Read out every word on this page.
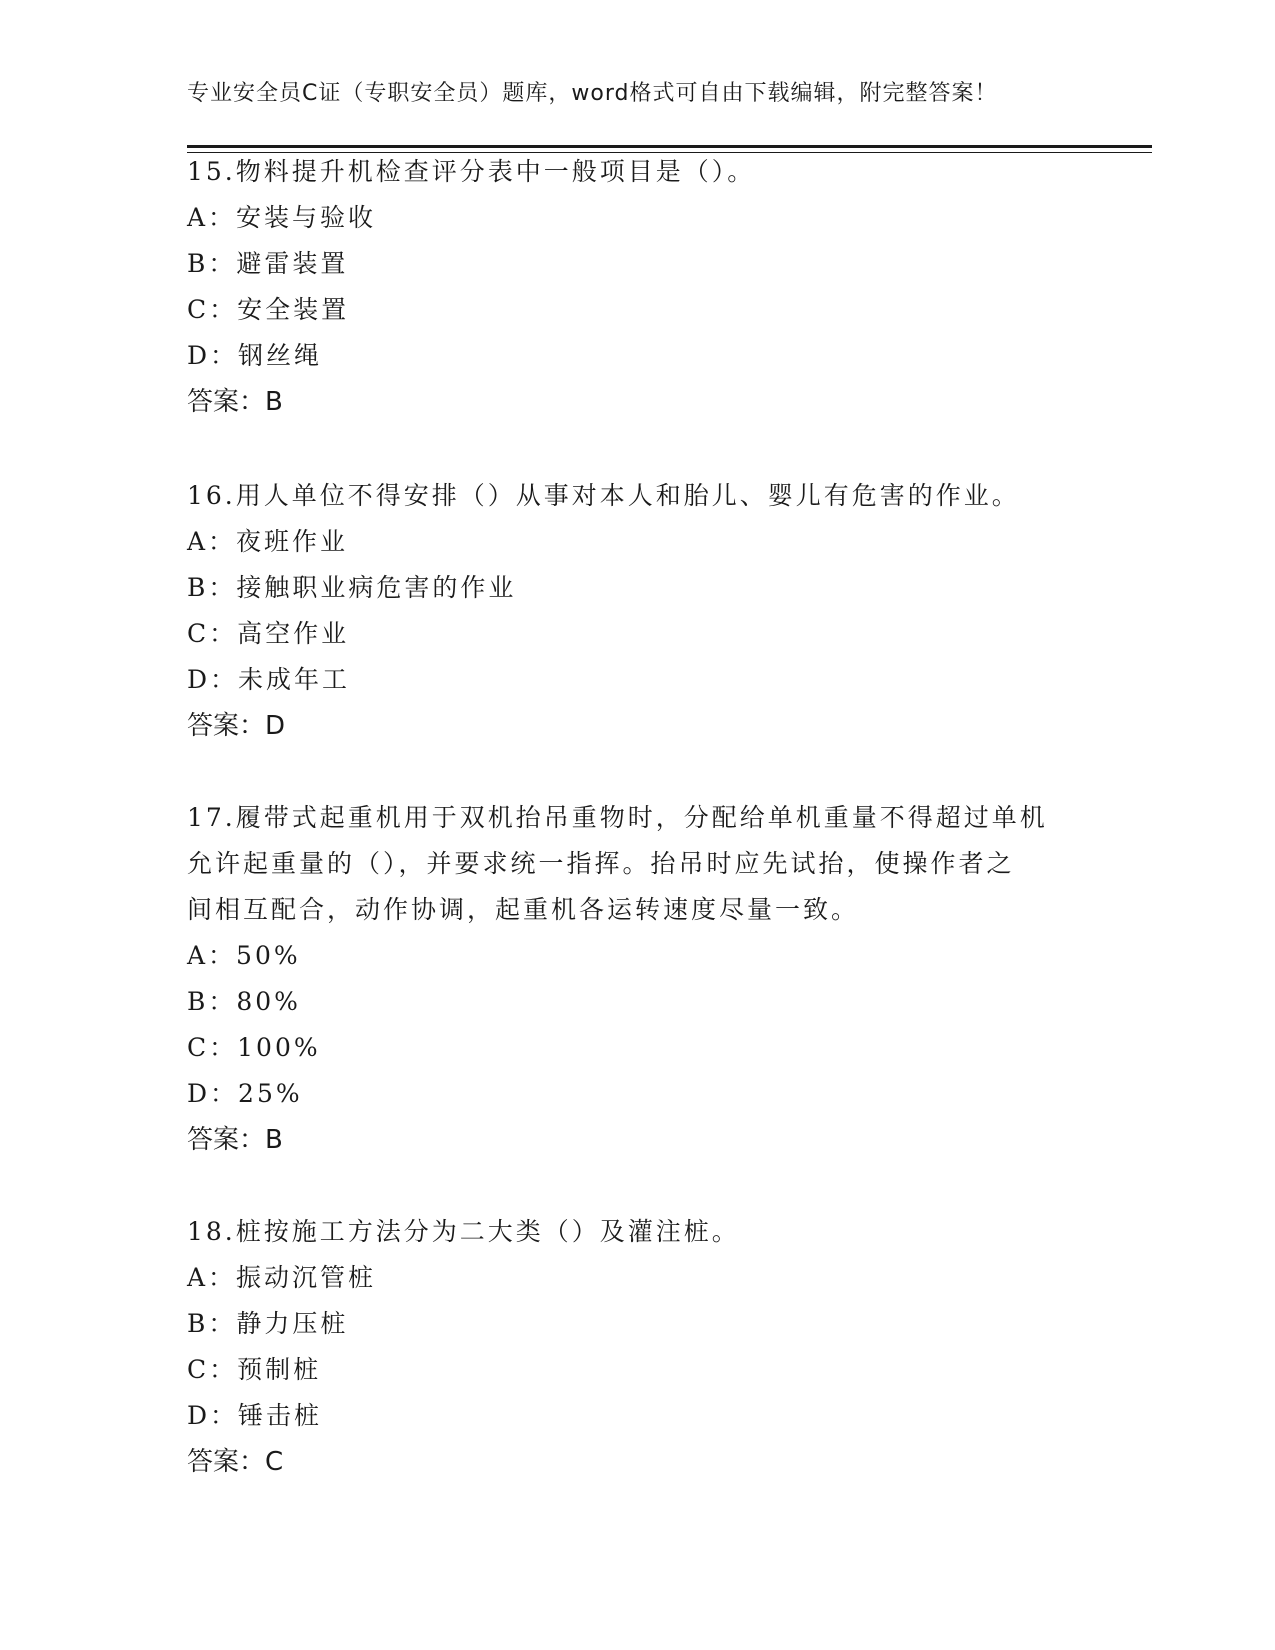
专业安全员C证（专职安全员）题库，word格式可自由下载编辑，附完整答案！
15.物料提升机检查评分表中一般项目是（）。
A：安装与验收
B：避雷装置
C：安全装置
D：钢丝绳
答案：B
16.用人单位不得安排（）从事对本人和胎儿、婴儿有危害的作业。
A：夜班作业
B：接触职业病危害的作业
C：高空作业
D：未成年工
答案：D
17.履带式起重机用于双机抬吊重物时，分配给单机重量不得超过单机
允许起重量的（），并要求统一指挥。抬吊时应先试抬，使操作者之
间相互配合，动作协调，起重机各运转速度尽量一致。
A：50%
B：80%
C：100%
D：25%
答案：B
18.桩按施工方法分为二大类（）及灌注桩。
A：振动沉管桩
B：静力压桩
C：预制桩
D：锤击桩
答案：C
